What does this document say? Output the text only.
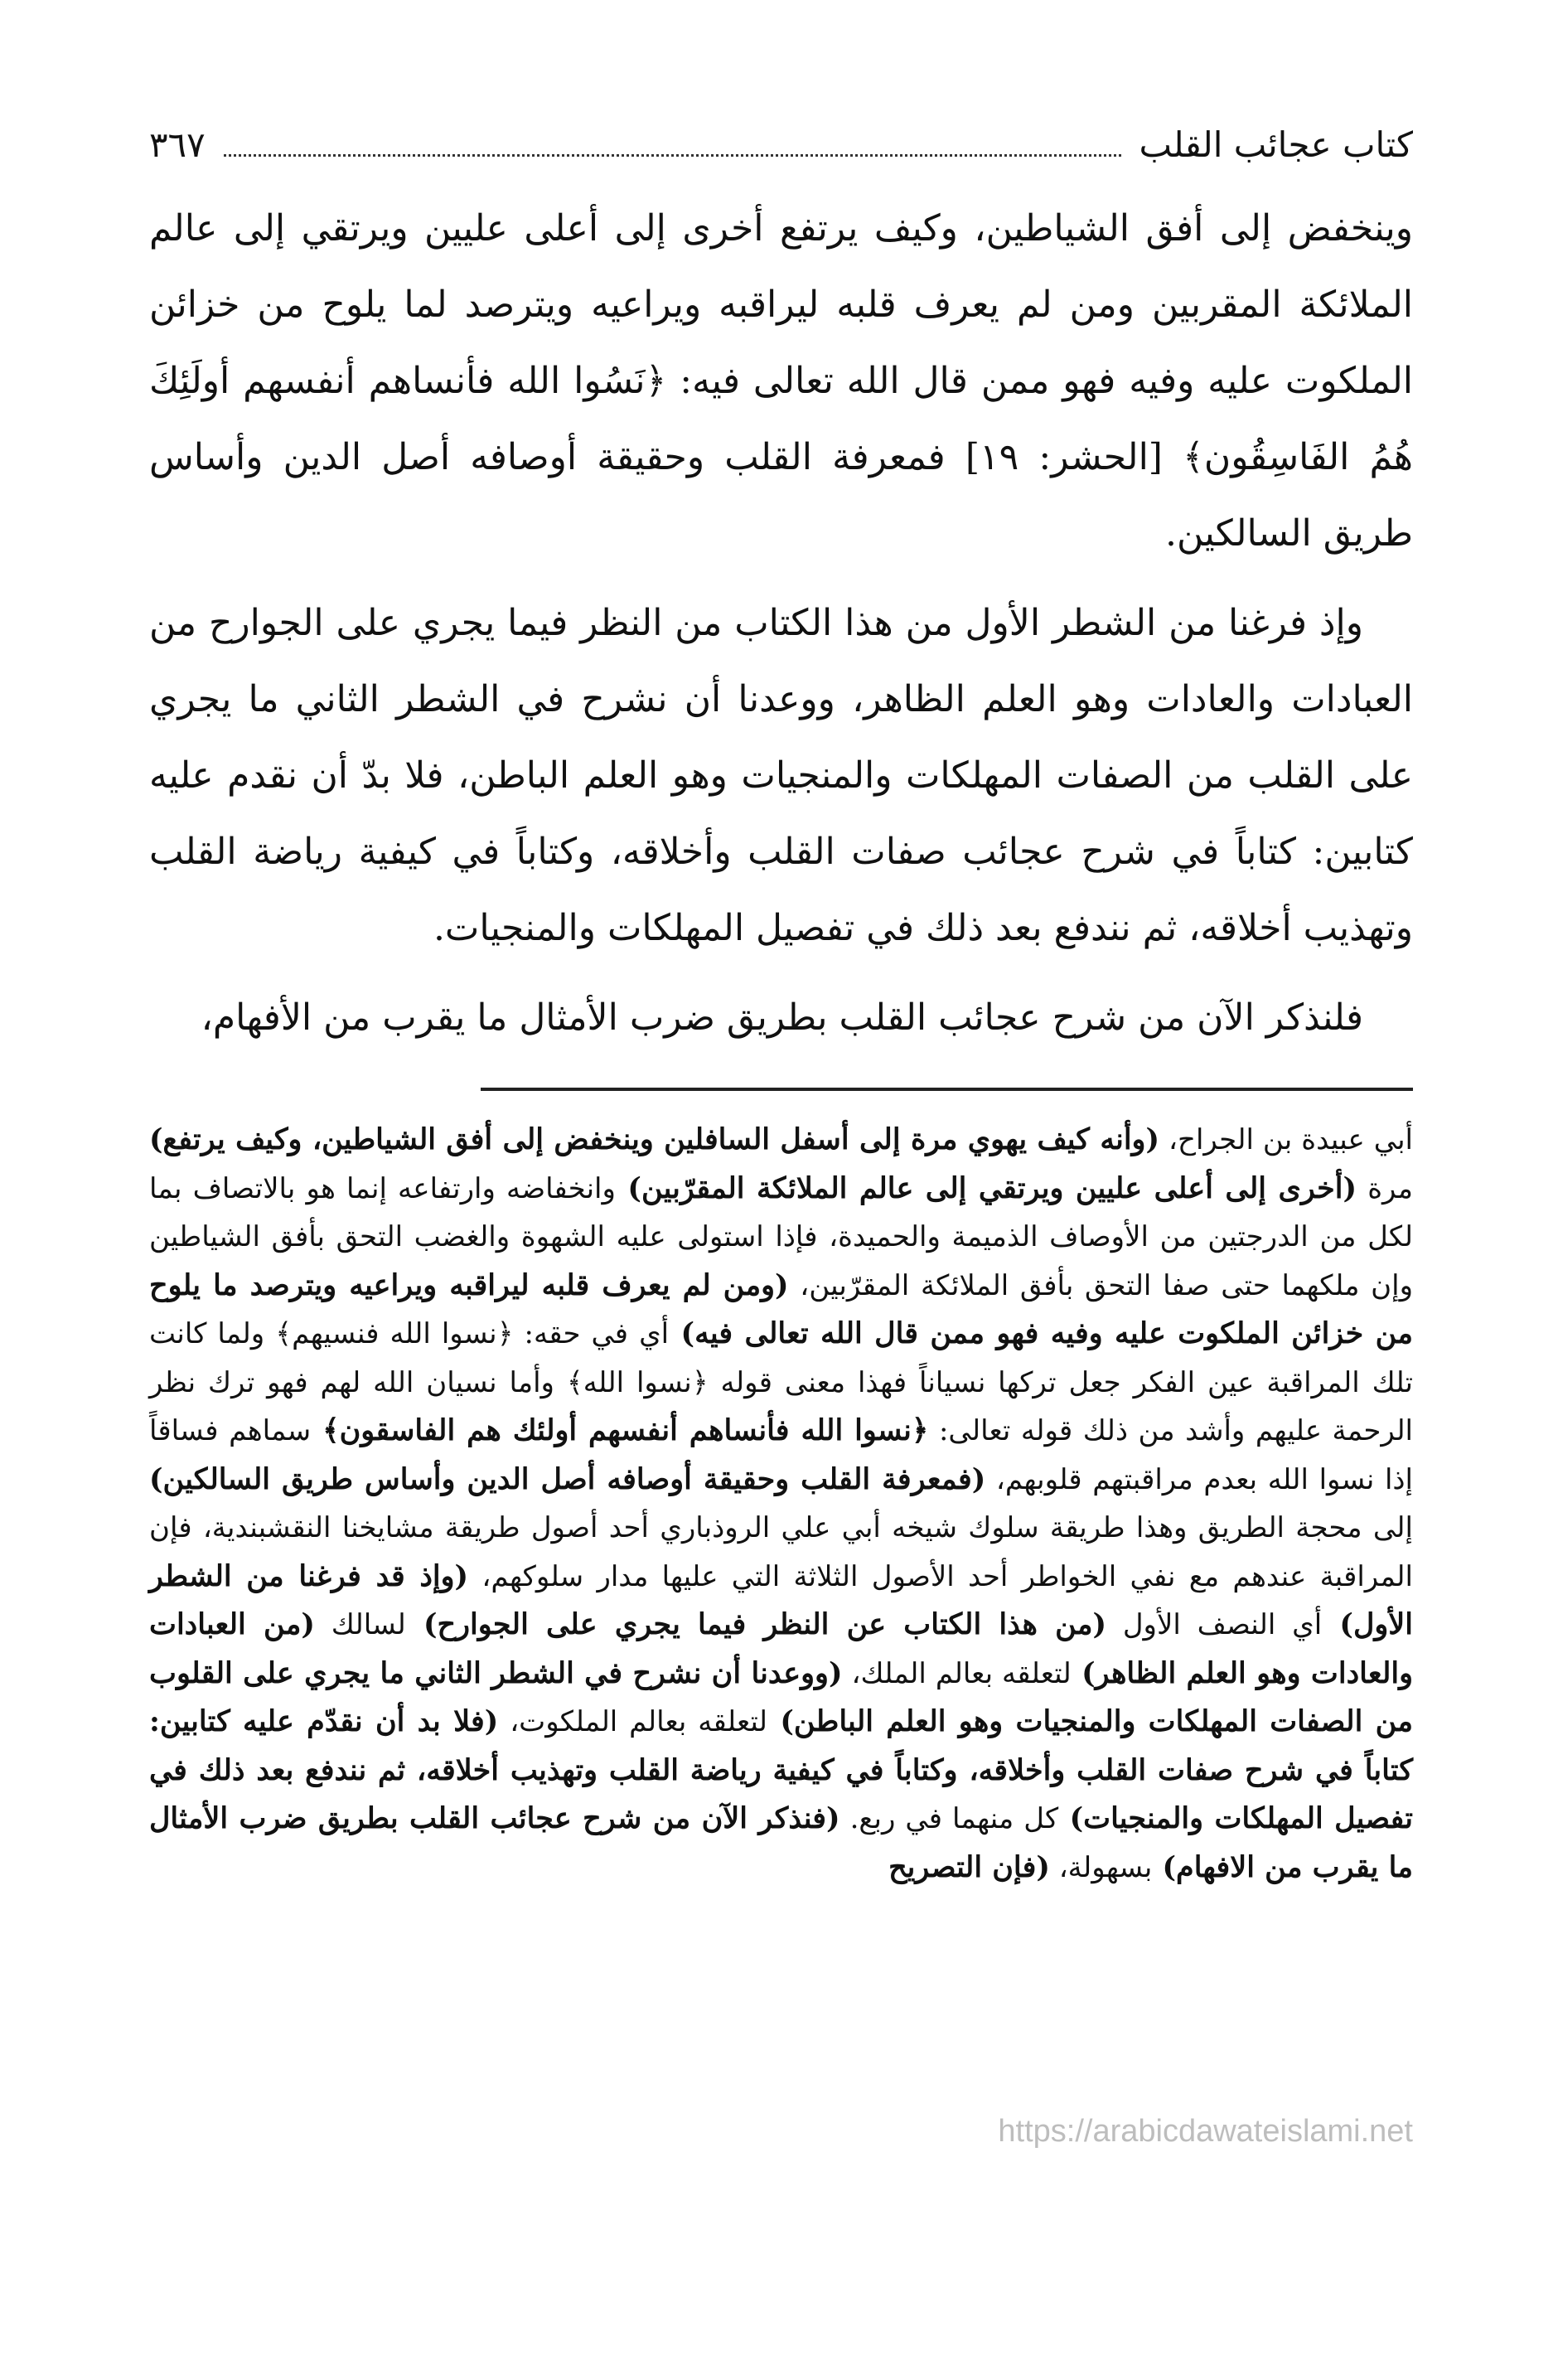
كتاب عجائب القلب
٣٦٧

وينخفض إلى أفق الشياطين، وكيف يرتفع أخرى إلى أعلى عليين ويرتقي إلى عالم الملائكة المقربين ومن لم يعرف قلبه ليراقبه ويراعيه ويترصد لما يلوح من خزائن الملكوت عليه وفيه فهو ممن قال الله تعالى فيه: ﴿نَسُوا الله فأنساهم أنفسهم أولَئِكَ هُمُ الفَاسِقُون﴾ [الحشر: ١٩] فمعرفة القلب وحقيقة أوصافه أصل الدين وأساس طريق السالكين.

وإذ فرغنا من الشطر الأول من هذا الكتاب من النظر فيما يجري على الجوارح من العبادات والعادات وهو العلم الظاهر، ووعدنا أن نشرح في الشطر الثاني ما يجري على القلب من الصفات المهلكات والمنجيات وهو العلم الباطن، فلا بدّ أن نقدم عليه كتابين: كتاباً في شرح عجائب صفات القلب وأخلاقه، وكتاباً في كيفية رياضة القلب وتهذيب أخلاقه، ثم نندفع بعد ذلك في تفصيل المهلكات والمنجيات.

فلنذكر الآن من شرح عجائب القلب بطريق ضرب الأمثال ما يقرب من الأفهام،

أبي عبيدة بن الجراح، (وأنه كيف يهوي مرة إلى أسفل السافلين وينخفض إلى أفق الشياطين، وكيف يرتفع) مرة (أخرى إلى أعلى عليين ويرتقي إلى عالم الملائكة المقرّبين) وانخفاضه وارتفاعه إنما هو بالاتصاف بما لكل من الدرجتين من الأوصاف الذميمة والحميدة، فإذا استولى عليه الشهوة والغضب التحق بأفق الشياطين وإن ملكهما حتى صفا التحق بأفق الملائكة المقرّبين، (ومن لم يعرف قلبه ليراقبه ويراعيه ويترصد ما يلوح من خزائن الملكوت عليه وفيه فهو ممن قال الله تعالى فيه) أي في حقه: ﴿نسوا الله فنسيهم﴾ ولما كانت تلك المراقبة عين الفكر جعل تركها نسياناً فهذا معنى قوله ﴿نسوا الله﴾ وأما نسيان الله لهم فهو ترك نظر الرحمة عليهم وأشد من ذلك قوله تعالى: ﴿نسوا الله فأنساهم أنفسهم أولئك هم الفاسقون﴾ سماهم فساقاً إذا نسوا الله بعدم مراقبتهم قلوبهم، (فمعرفة القلب وحقيقة أوصافه أصل الدين وأساس طريق السالكين) إلى محجة الطريق وهذا طريقة سلوك شيخه أبي علي الروذباري أحد أصول طريقة مشايخنا النقشبندية، فإن المراقبة عندهم مع نفي الخواطر أحد الأصول الثلاثة التي عليها مدار سلوكهم، (وإذ قد فرغنا من الشطر الأول) أي النصف الأول (من هذا الكتاب عن النظر فيما يجري على الجوارح) لسالك (من العبادات والعادات وهو العلم الظاهر) لتعلقه بعالم الملك، (ووعدنا أن نشرح في الشطر الثاني ما يجري على القلوب من الصفات المهلكات والمنجيات وهو العلم الباطن) لتعلقه بعالم الملكوت، (فلا بد أن نقدّم عليه كتابين: كتاباً في شرح صفات القلب وأخلاقه، وكتاباً في كيفية رياضة القلب وتهذيب أخلاقه، ثم نندفع بعد ذلك في تفصيل المهلكات والمنجيات) كل منهما في ربع. (فنذكر الآن من شرح عجائب القلب بطريق ضرب الأمثال ما يقرب من الافهام) بسهولة، (فإن التصريح

https://arabicdawateislami.net
